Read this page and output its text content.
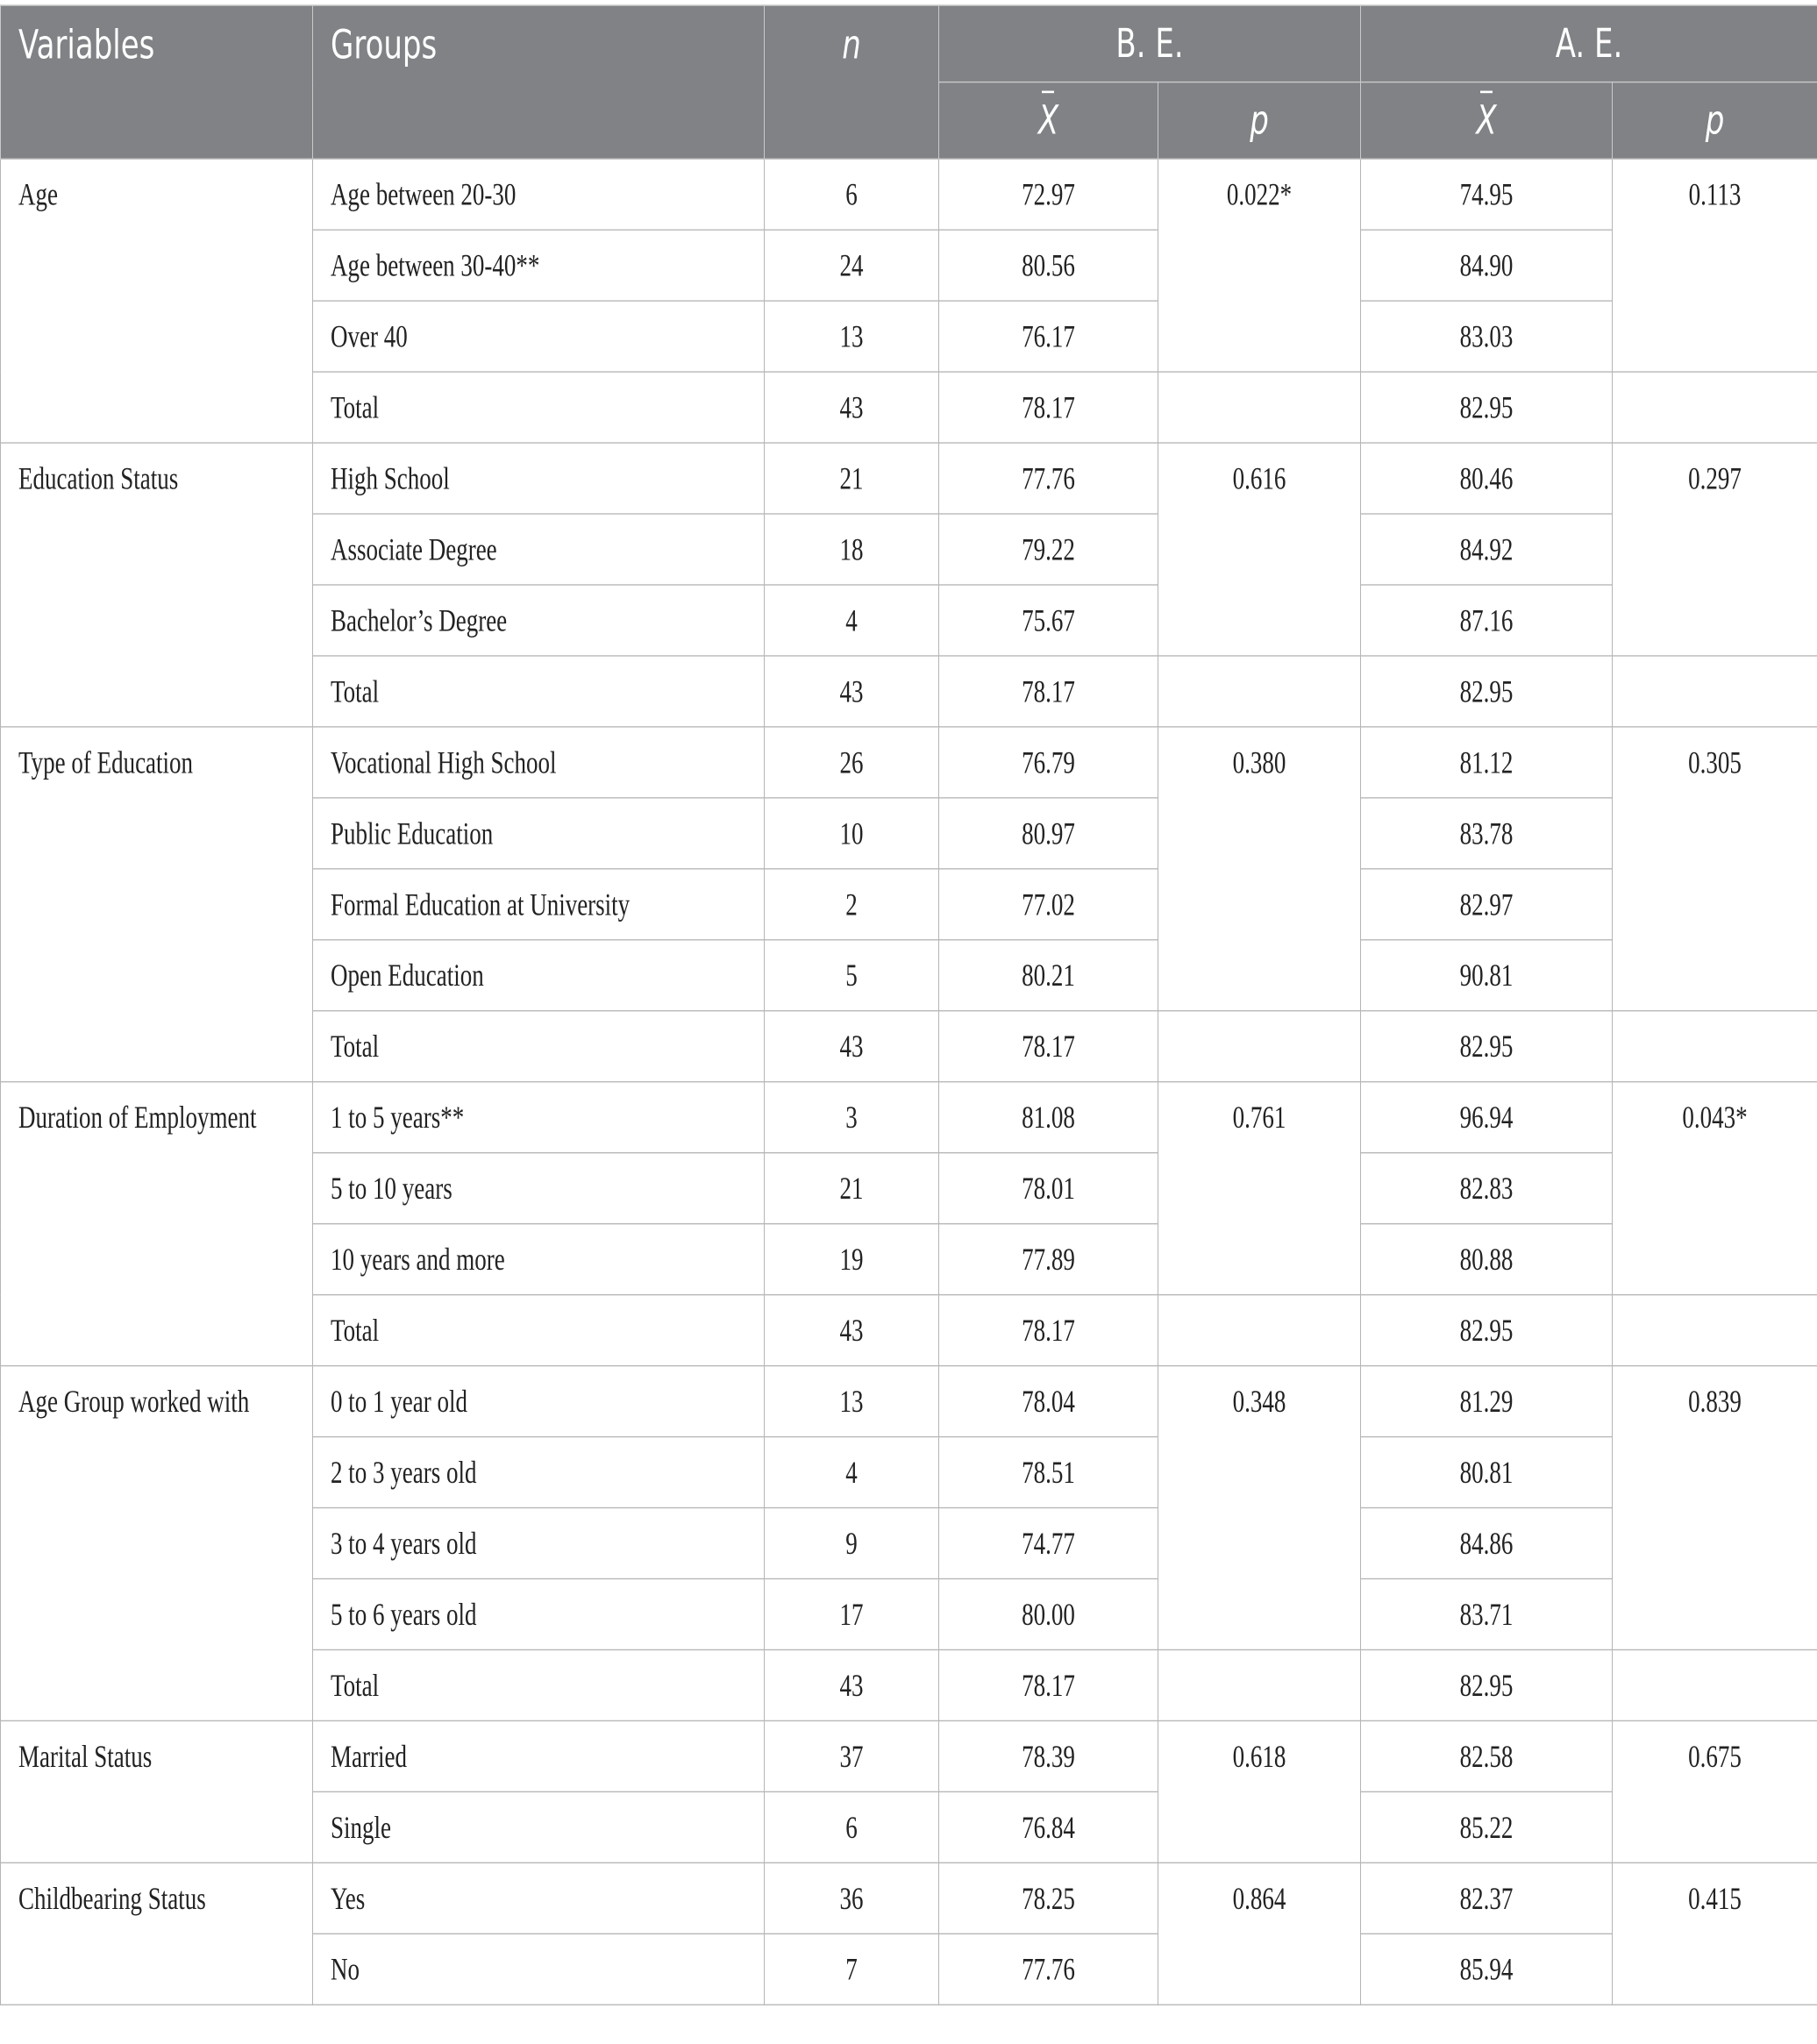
Variables	Groups	n	B. E.		A. E.	
			X	p	X	p
Age	Age between 20-30	6	72.97	0.022*	74.95	0.113
	Age between 30-40**	24	80.56		84.90	
	Over 40	13	76.17		83.03	
	Total	43	78.17		82.95	
Education Status	High School	21	77.76	0.616	80.46	0.297
	Associate Degree	18	79.22		84.92	
	Bachelor’s Degree	4	75.67		87.16	
	Total	43	78.17		82.95	
Type of Education	Vocational High School	26	76.79	0.380	81.12	0.305
	Public Education	10	80.97		83.78	
	Formal Education at University	2	77.02		82.97	
	Open Education	5	80.21		90.81	
	Total	43	78.17		82.95	
Duration of Employment	1 to 5 years**	3	81.08	0.761	96.94	0.043*
	5 to 10 years	21	78.01		82.83	
	10 years and more	19	77.89		80.88	
	Total	43	78.17		82.95	
Age Group worked with	0 to 1 year old	13	78.04	0.348	81.29	0.839
	2 to 3 years old	4	78.51		80.81	
	3 to 4 years old	9	74.77		84.86	
	5 to 6 years old	17	80.00		83.71	
	Total	43	78.17		82.95	
Marital Status	Married	37	78.39	0.618	82.58	0.675
	Single	6	76.84		85.22	
Childbearing Status	Yes	36	78.25	0.864	82.37	0.415
	No	7	77.76		85.94	
